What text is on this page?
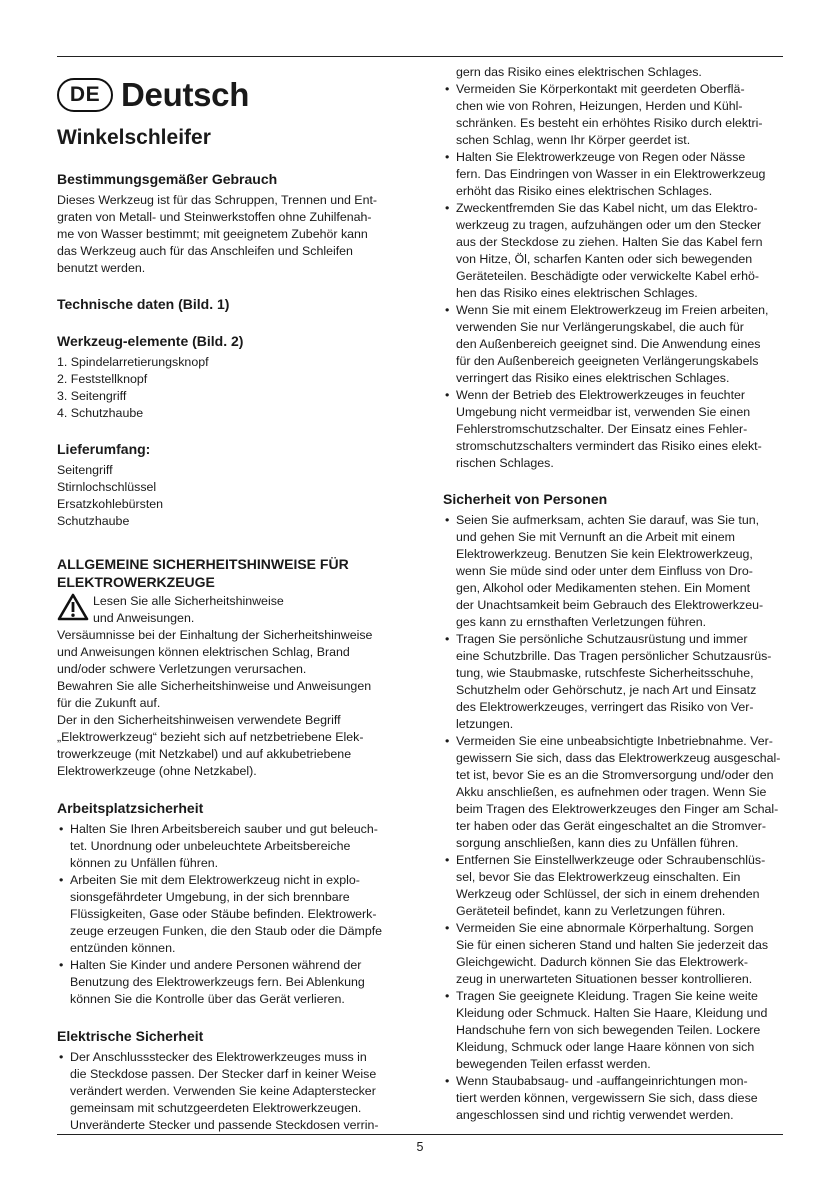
DE Deutsch
Winkelschleifer
Bestimmungsgemäßer Gebrauch
Dieses Werkzeug ist für das Schruppen, Trennen und Ent-
graten von Metall- und Steinwerkstoffen ohne Zuhilfenah-
me von Wasser bestimmt; mit geeignetem Zubehör kann
das Werkzeug auch für das Anschleifen und Schleifen
benutzt werden.
Technische daten (Bild. 1)
Werkzeug-elemente (Bild. 2)
1. Spindelarretierungsknopf
2. Feststellknopf
3. Seitengriff
4. Schutzhaube
Lieferumfang:
Seitengriff
Stirnlochschlüssel
Ersatzkohlebürsten
Schutzhaube
ALLGEMEINE SICHERHEITSHINWEISE FÜR
ELEKTROWERKZEUGE
Lesen Sie alle Sicherheitshinweise
und Anweisungen.
Versäumnisse bei der Einhaltung der Sicherheitshinweise
und Anweisungen können elektrischen Schlag, Brand
und/oder schwere Verletzungen verursachen.
Bewahren Sie alle Sicherheitshinweise und Anweisungen
für die Zukunft auf.
Der in den Sicherheitshinweisen verwendete Begriff
„Elektrowerkzeug“ bezieht sich auf netzbetriebene Elek-
trowerkzeuge (mit Netzkabel) und auf akkubetriebene
Elektrowerkzeuge (ohne Netzkabel).
Arbeitsplatzsicherheit
• Halten Sie Ihren Arbeitsbereich sauber und gut beleuch-
tet. Unordnung oder unbeleuchtete Arbeitsbereiche
können zu Unfällen führen.
• Arbeiten Sie mit dem Elektrowerkzeug nicht in explo-
sionsgefährdeter Umgebung, in der sich brennbare
Flüssigkeiten, Gase oder Stäube befinden. Elektrowerk-
zeuge erzeugen Funken, die den Staub oder die Dämpfe
entzünden können.
• Halten Sie Kinder und andere Personen während der
Benutzung des Elektrowerkzeugs fern. Bei Ablenkung
können Sie die Kontrolle über das Gerät verlieren.
Elektrische Sicherheit
• Der Anschlussstecker des Elektrowerkzeuges muss in
die Steckdose passen. Der Stecker darf in keiner Weise
verändert werden. Verwenden Sie keine Adapterstecker
gemeinsam mit schutzgeerdeten Elektrowerkzeugen.
Unveränderte Stecker und passende Steckdosen verrin-
gern das Risiko eines elektrischen Schlages.
• Vermeiden Sie Körperkontakt mit geerdeten Oberflä-
chen wie von Rohren, Heizungen, Herden und Kühl-
schränken. Es besteht ein erhöhtes Risiko durch elektri-
schen Schlag, wenn Ihr Körper geerdet ist.
• Halten Sie Elektrowerkzeuge von Regen oder Nässe
fern. Das Eindringen von Wasser in ein Elektrowerkzeug
erhöht das Risiko eines elektrischen Schlages.
• Zweckentfremden Sie das Kabel nicht, um das Elektro-
werkzeug zu tragen, aufzuhängen oder um den Stecker
aus der Steckdose zu ziehen. Halten Sie das Kabel fern
von Hitze, Öl, scharfen Kanten oder sich bewegenden
Geräteteilen. Beschädigte oder verwickelte Kabel erhö-
hen das Risiko eines elektrischen Schlages.
• Wenn Sie mit einem Elektrowerkzeug im Freien arbeiten,
verwenden Sie nur Verlängerungskabel, die auch für
den Außenbereich geeignet sind. Die Anwendung eines
für den Außenbereich geeigneten Verlängerungskabels
verringert das Risiko eines elektrischen Schlages.
• Wenn der Betrieb des Elektrowerkzeuges in feuchter
Umgebung nicht vermeidbar ist, verwenden Sie einen
Fehlerstromschutzschalter. Der Einsatz eines Fehler-
stromschutzschalters vermindert das Risiko eines elekt-
rischen Schlages.
Sicherheit von Personen
• Seien Sie aufmerksam, achten Sie darauf, was Sie tun,
und gehen Sie mit Vernunft an die Arbeit mit einem
Elektrowerkzeug. Benutzen Sie kein Elektrowerkzeug,
wenn Sie müde sind oder unter dem Einfluss von Dro-
gen, Alkohol oder Medikamenten stehen. Ein Moment
der Unachtsamkeit beim Gebrauch des Elektrowerkzeu-
ges kann zu ernsthaften Verletzungen führen.
• Tragen Sie persönliche Schutzausrüstung und immer
eine Schutzbrille. Das Tragen persönlicher Schutzausrüs-
tung, wie Staubmaske, rutschfeste Sicherheitsschuhe,
Schutzhelm oder Gehörschutz, je nach Art und Einsatz
des Elektrowerkzeuges, verringert das Risiko von Ver-
letzungen.
• Vermeiden Sie eine unbeabsichtigte Inbetriebnahme. Ver-
gewissern Sie sich, dass das Elektrowerkzeug ausgeschal-
tet ist, bevor Sie es an die Stromversorgung und/oder den
Akku anschließen, es aufnehmen oder tragen. Wenn Sie
beim Tragen des Elektrowerkzeuges den Finger am Schal-
ter haben oder das Gerät eingeschaltet an die Stromver-
sorgung anschließen, kann dies zu Unfällen führen.
• Entfernen Sie Einstellwerkzeuge oder Schraubenschlüs-
sel, bevor Sie das Elektrowerkzeug einschalten. Ein
Werkzeug oder Schlüssel, der sich in einem drehenden
Geräteteil befindet, kann zu Verletzungen führen.
• Vermeiden Sie eine abnormale Körperhaltung. Sorgen
Sie für einen sicheren Stand und halten Sie jederzeit das
Gleichgewicht. Dadurch können Sie das Elektrowerk-
zeug in unerwarteten Situationen besser kontrollieren.
• Tragen Sie geeignete Kleidung. Tragen Sie keine weite
Kleidung oder Schmuck. Halten Sie Haare, Kleidung und
Handschuhe fern von sich bewegenden Teilen. Lockere
Kleidung, Schmuck oder lange Haare können von sich
bewegenden Teilen erfasst werden.
• Wenn Staubabsaug- und -auffangeinrichtungen mon-
tiert werden können, vergewissern Sie sich, dass diese
angeschlossen sind und richtig verwendet werden.
5
